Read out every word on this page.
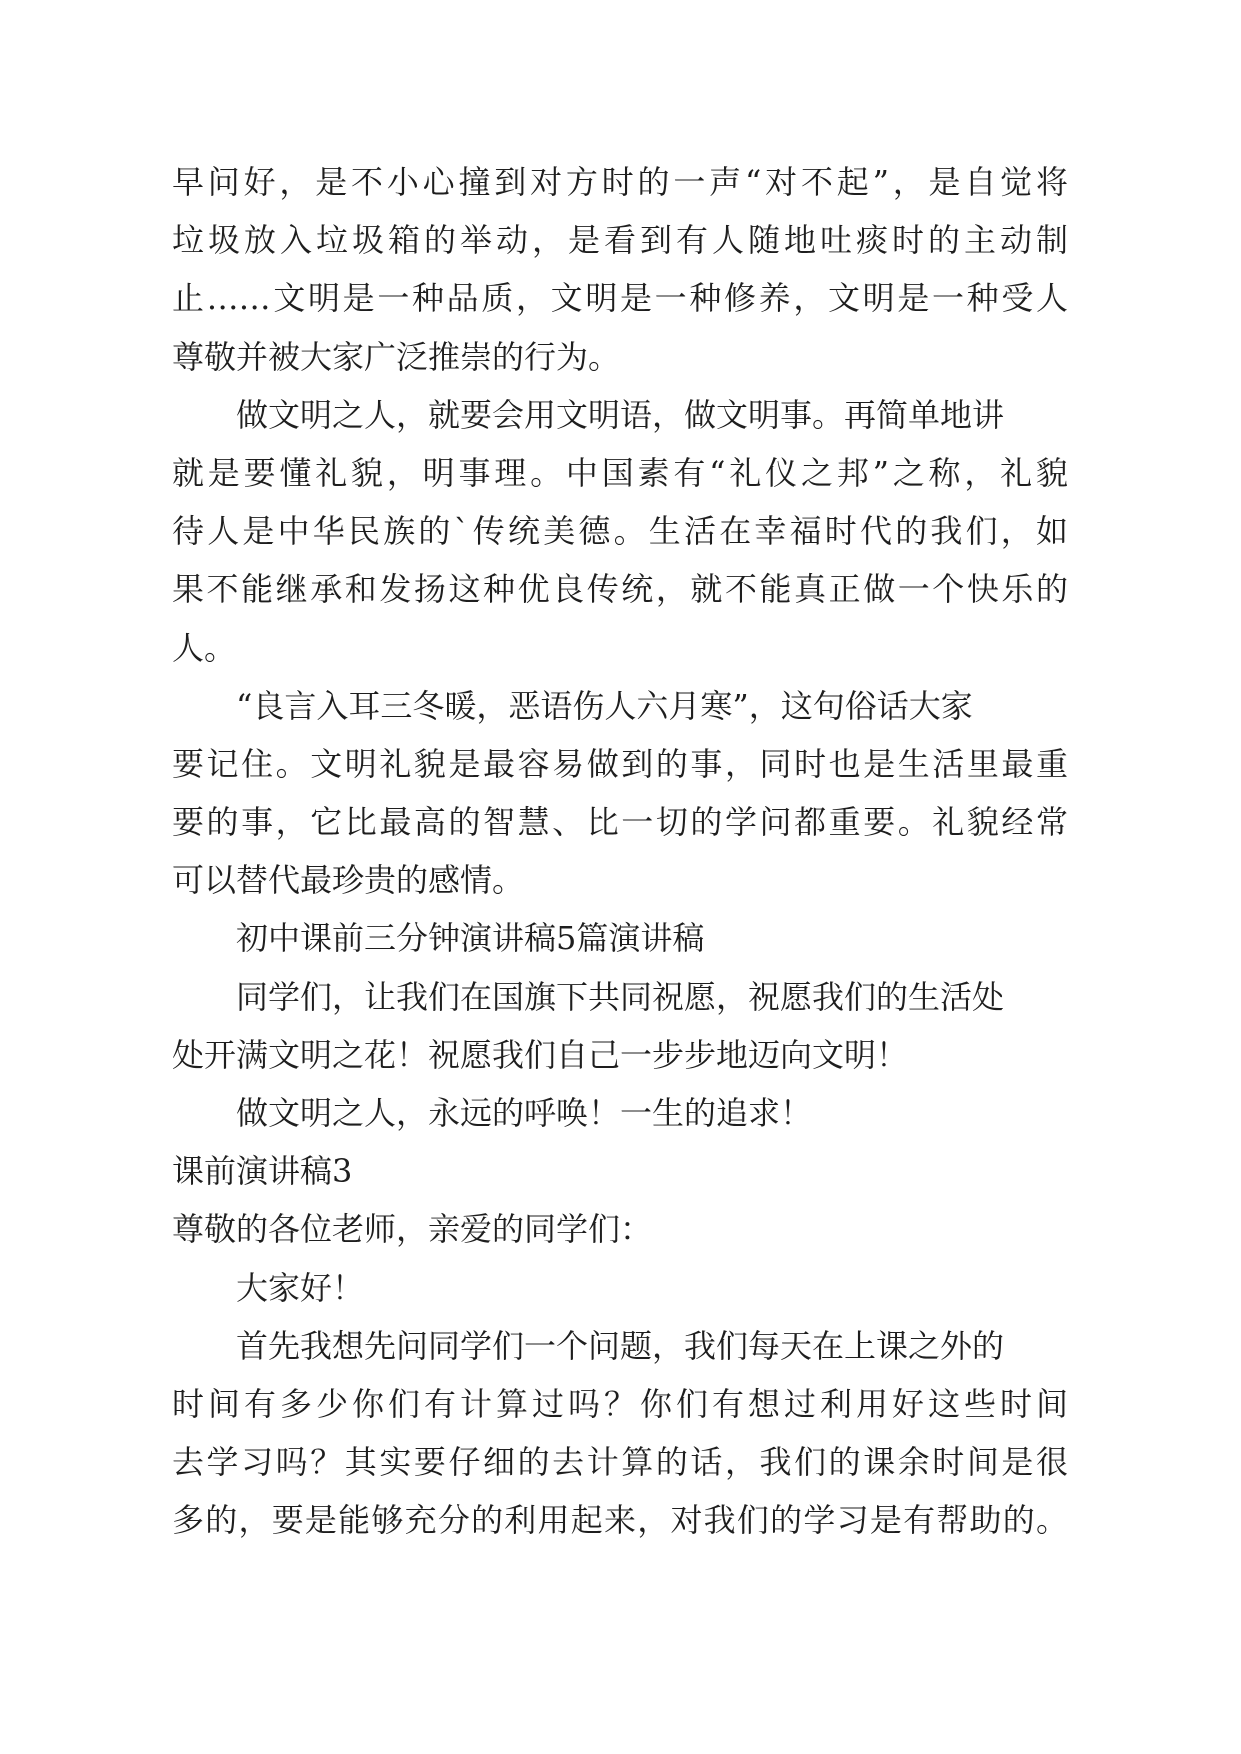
早问好，是不小心撞到对方时的一声“对不起”，是自觉将
垃圾放入垃圾箱的举动，是看到有人随地吐痰时的主动制
止……文明是一种品质，文明是一种修养，文明是一种受人
尊敬并被大家广泛推崇的行为。
做文明之人，就要会用文明语，做文明事。再简单地讲
就是要懂礼貌，明事理。中国素有“礼仪之邦”之称，礼貌
待人是中华民族的`传统美德。生活在幸福时代的我们，如
果不能继承和发扬这种优良传统，就不能真正做一个快乐的
人。
“良言入耳三冬暖，恶语伤人六月寒”，这句俗话大家
要记住。文明礼貌是最容易做到的事，同时也是生活里最重
要的事，它比最高的智慧、比一切的学问都重要。礼貌经常
可以替代最珍贵的感情。
初中课前三分钟演讲稿5篇演讲稿
同学们，让我们在国旗下共同祝愿，祝愿我们的生活处
处开满文明之花！祝愿我们自己一步步地迈向文明！
做文明之人，永远的呼唤！一生的追求！
课前演讲稿3
尊敬的各位老师，亲爱的同学们：
大家好！
首先我想先问同学们一个问题，我们每天在上课之外的
时间有多少你们有计算过吗？你们有想过利用好这些时间
去学习吗？其实要仔细的去计算的话，我们的课余时间是很
多的，要是能够充分的利用起来，对我们的学习是有帮助的。
